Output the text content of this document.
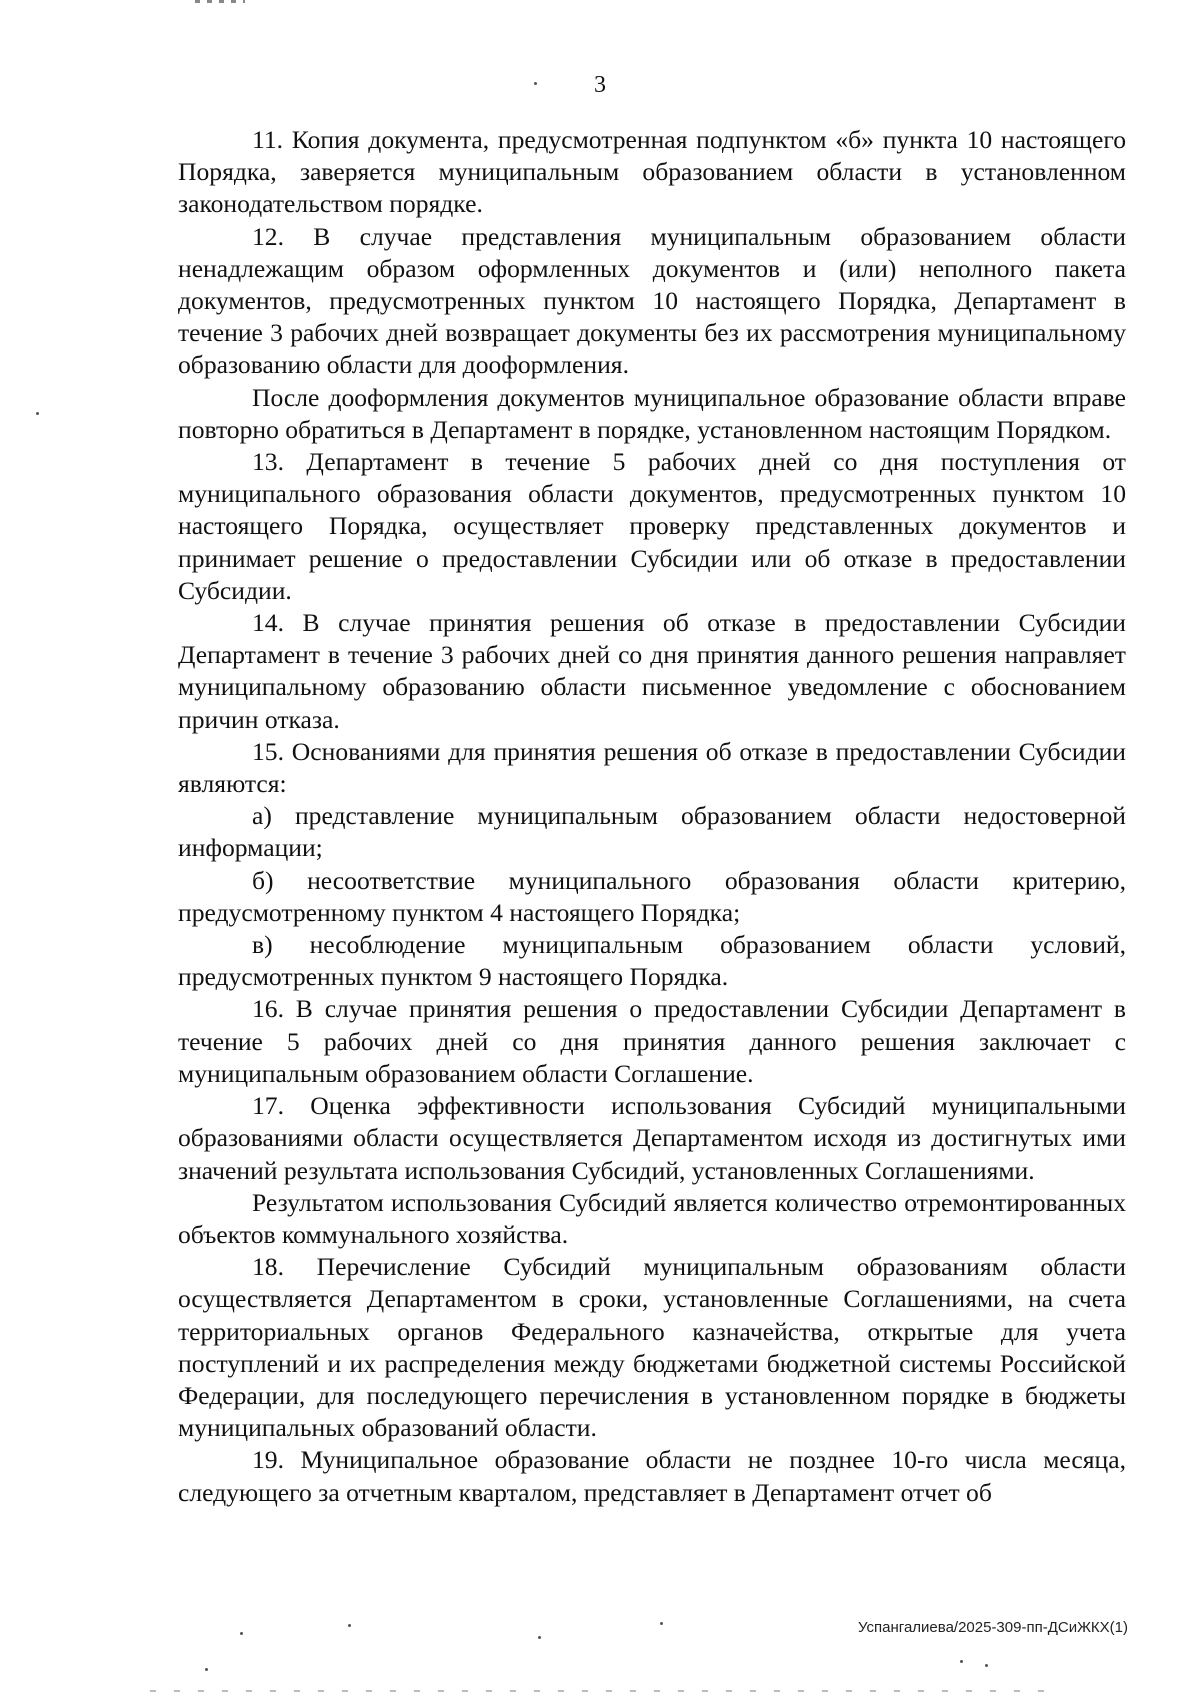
3

11. Копия документа, предусмотренная подпунктом «б» пункта 10 настоящего Порядка, заверяется муниципальным образованием области в установленном законодательством порядке.

12. В случае представления муниципальным образованием области ненадлежащим образом оформленных документов и (или) неполного пакета документов, предусмотренных пунктом 10 настоящего Порядка, Департамент в течение 3 рабочих дней возвращает документы без их рассмотрения муниципальному образованию области для дооформления.

После дооформления документов муниципальное образование области вправе повторно обратиться в Департамент в порядке, установленном настоящим Порядком.

13. Департамент в течение 5 рабочих дней со дня поступления от муниципального образования области документов, предусмотренных пунктом 10 настоящего Порядка, осуществляет проверку представленных документов и принимает решение о предоставлении Субсидии или об отказе в предоставлении Субсидии.

14. В случае принятия решения об отказе в предоставлении Субсидии Департамент в течение 3 рабочих дней со дня принятия данного решения направляет муниципальному образованию области письменное уведомление с обоснованием причин отказа.

15. Основаниями для принятия решения об отказе в предоставлении Субсидии являются:

а) представление муниципальным образованием области недостоверной информации;

б) несоответствие муниципального образования области критерию, предусмотренному пунктом 4 настоящего Порядка;

в) несоблюдение муниципальным образованием области условий, предусмотренных пунктом 9 настоящего Порядка.

16. В случае принятия решения о предоставлении Субсидии Департамент в течение 5 рабочих дней со дня принятия данного решения заключает с муниципальным образованием области Соглашение.

17. Оценка эффективности использования Субсидий муниципальными образованиями области осуществляется Департаментом исходя из достигнутых ими значений результата использования Субсидий, установленных Соглашениями.

Результатом использования Субсидий является количество отремонтированных объектов коммунального хозяйства.

18. Перечисление Субсидий муниципальным образованиям области осуществляется Департаментом в сроки, установленные Соглашениями, на счета территориальных органов Федерального казначейства, открытые для учета поступлений и их распределения между бюджетами бюджетной системы Российской Федерации, для последующего перечисления в установленном порядке в бюджеты муниципальных образований области.

19. Муниципальное образование области не позднее 10-го числа месяца, следующего за отчетным кварталом, представляет в Департамент отчет об

Успангалиева/2025-309-пп-ДСиЖКХ(1)
